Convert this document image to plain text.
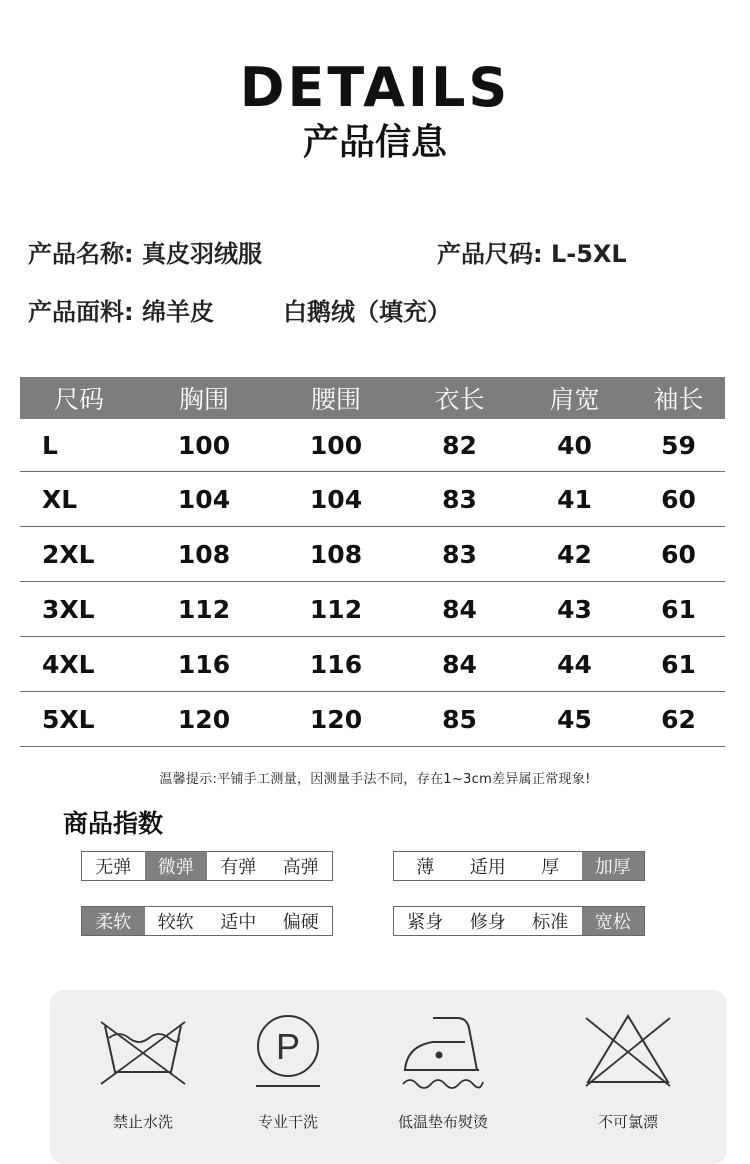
DETAILS
产品信息
产品名称: 真皮羽绒服	产品尺码: L-5XL
产品面料: 绵羊皮	白鹅绒（填充）
尺码	胸围	腰围	衣长	肩宽	袖长
L	100	100	82	40	59
XL	104	104	83	41	60
2XL	108	108	83	42	60
3XL	112	112	84	43	61
4XL	116	116	84	44	61
5XL	120	120	85	45	62
温馨提示:平铺手工测量，因测量手法不同，存在1~3cm差异属正常现象!
商品指数
无弹	微弹	有弹	高弹	薄	适用	厚	加厚
柔软	较软	适中	偏硬	紧身	修身	标准	宽松
禁止水洗
P
专业干洗	低温垫布熨烫	不可氯漂
